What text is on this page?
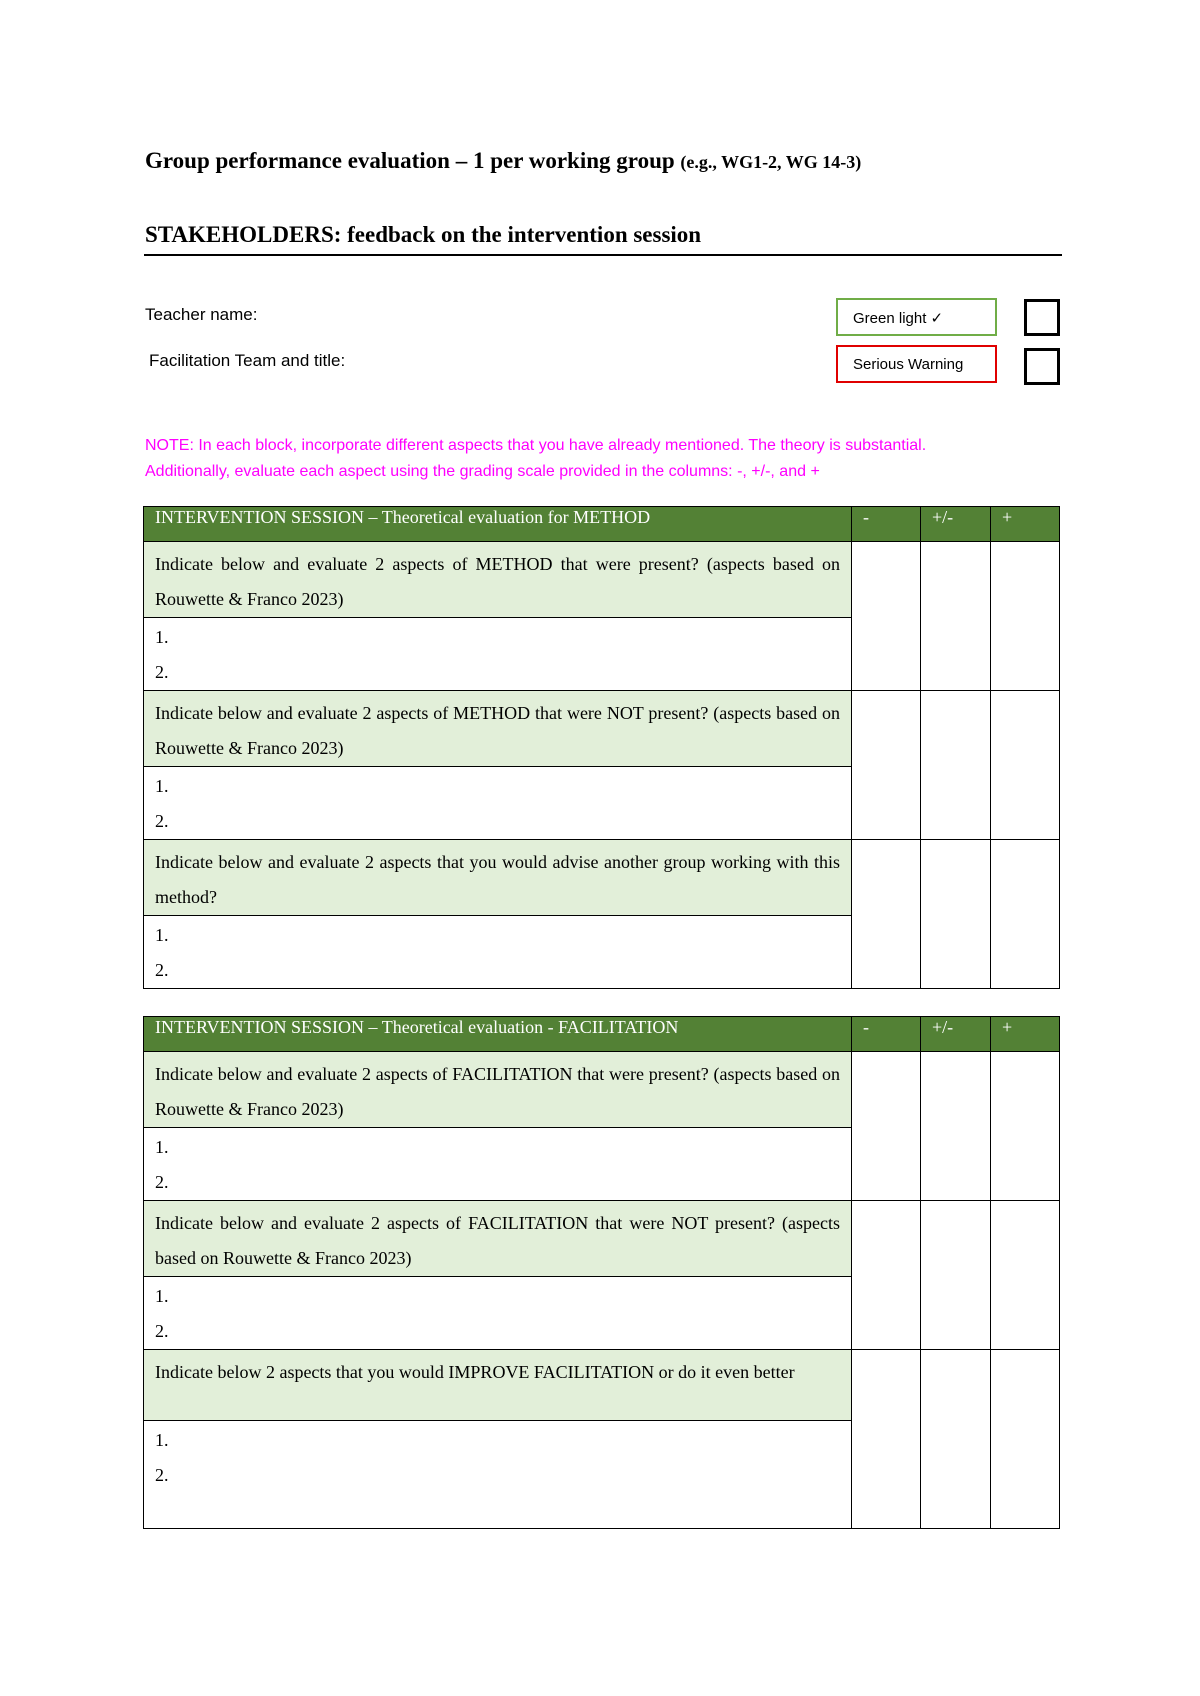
Group performance evaluation – 1 per working group (e.g., WG1-2, WG 14-3)
STAKEHOLDERS: feedback on the intervention session
Teacher name:
Facilitation Team and title:
Green light ✓
Serious Warning
NOTE: In each block, incorporate different aspects that you have already mentioned. The theory is substantial.
Additionally, evaluate each aspect using the grading scale provided in the columns: -, +/-, and +
INTERVENTION SESSION – Theoretical evaluation for METHOD	-	+/-	+
Indicate below and evaluate 2 aspects of METHOD that were present? (aspects based on Rouwette & Franco 2023)			

1.
2.			

Indicate below and evaluate 2 aspects of METHOD that were NOT present? (aspects based on Rouwette & Franco 2023)			

1.
2.			

Indicate below and evaluate 2 aspects that you would advise another group working with this method?			

1.
2.			
INTERVENTION SESSION – Theoretical evaluation - FACILITATION	-	+/-	+
Indicate below and evaluate 2 aspects of FACILITATION that were present? (aspects based on Rouwette & Franco 2023)			

1.
2.			

Indicate below and evaluate 2 aspects of FACILITATION that were NOT present? (aspects based on Rouwette & Franco 2023)			

1.
2.			

Indicate below 2 aspects that you would IMPROVE FACILITATION or do it even better			

1.
2.			
